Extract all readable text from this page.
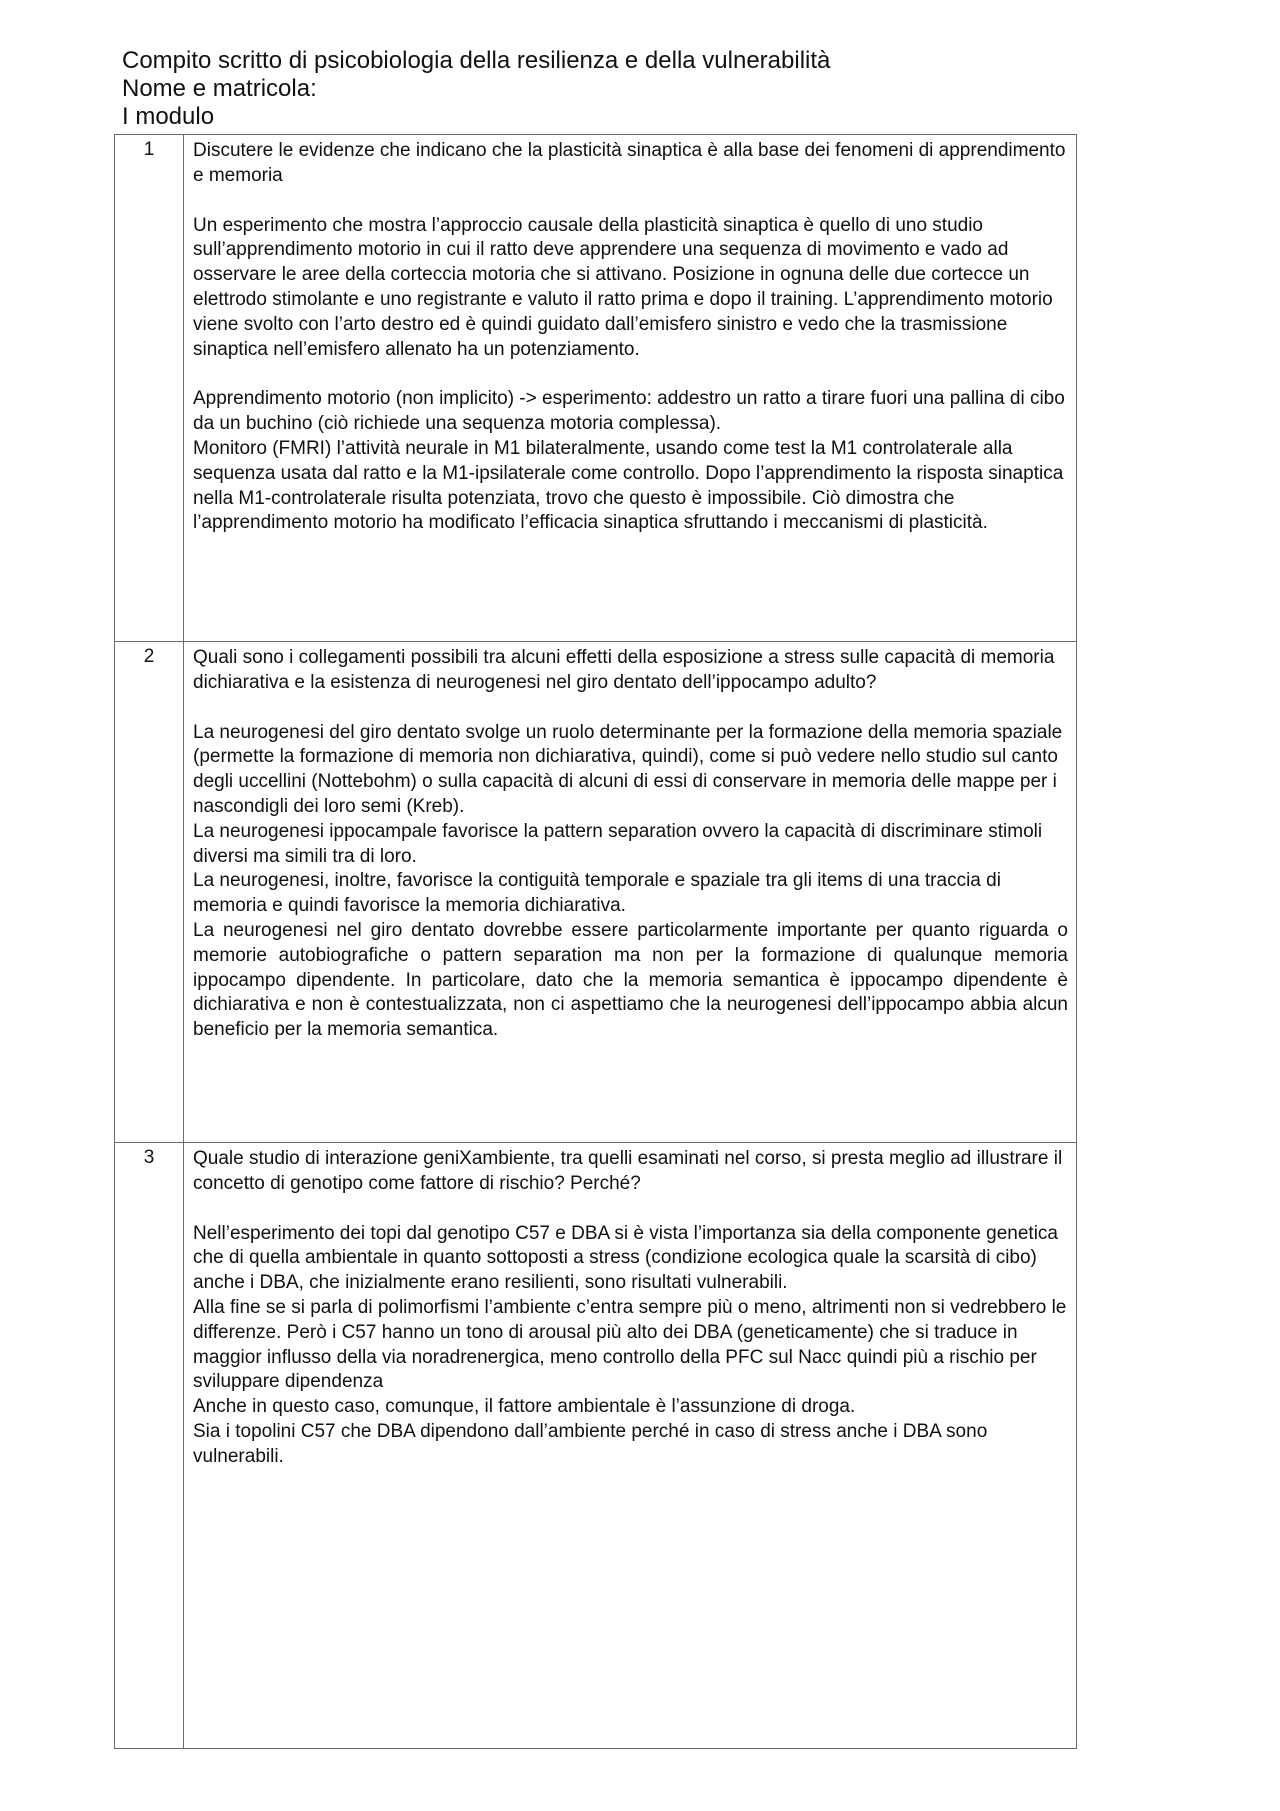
Compito scritto di psicobiologia della resilienza e della vulnerabilità
Nome e matricola:
I modulo
1	Discutere le evidenze che indicano che la plasticità sinaptica è alla base dei fenomeni di apprendimento e memoria
Un esperimento che mostra l’approccio causale della plasticità sinaptica è quello di uno studio sull’apprendimento motorio in cui il ratto deve apprendere una sequenza di movimento e vado ad osservare le aree della corteccia motoria che si attivano. Posizione in ognuna delle due cortecce un elettrodo stimolante e uno registrante e valuto il ratto prima e dopo il training. L’apprendimento motorio viene svolto con l’arto destro ed è quindi guidato dall’emisfero sinistro e vedo che la trasmissione sinaptica nell’emisfero allenato ha un potenziamento.
Apprendimento motorio (non implicito) -> esperimento: addestro un ratto a tirare fuori una pallina di cibo da un buchino (ciò richiede una sequenza motoria complessa).
Monitoro (FMRI) l’attività neurale in M1 bilateralmente, usando come test la M1 controlaterale alla sequenza usata dal ratto e la M1-ipsilaterale come controllo. Dopo l’apprendimento la risposta sinaptica nella M1-controlaterale risulta potenziata, trovo che questo è impossibile. Ciò dimostra che l’apprendimento motorio ha modificato l’efficacia sinaptica sfruttando i meccanismi di plasticità.

2	Quali sono i collegamenti possibili tra alcuni effetti della esposizione a stress sulle capacità di memoria dichiarativa e la esistenza di neurogenesi nel giro dentato dell’ippocampo adulto?
La neurogenesi del giro dentato svolge un ruolo determinante per la formazione della memoria spaziale (permette la formazione di memoria non dichiarativa, quindi), come si può vedere nello studio sul canto degli uccellini (Nottebohm) o sulla capacità di alcuni di essi di conservare in memoria delle mappe per i nascondigli dei loro semi (Kreb).
La neurogenesi ippocampale favorisce la pattern separation ovvero la capacità di discriminare stimoli diversi ma simili tra di loro.
La neurogenesi, inoltre, favorisce la contiguità temporale e spaziale tra gli items di una traccia di memoria e quindi favorisce la memoria dichiarativa.
La neurogenesi nel giro dentato dovrebbe essere particolarmente importante per quanto riguarda o memorie autobiografiche o pattern separation ma non per la formazione di qualunque memoria ippocampo dipendente. In particolare, dato che la memoria semantica è ippocampo dipendente è dichiarativa e non è contestualizzata, non ci aspettiamo che la neurogenesi dell’ippocampo abbia alcun beneficio per la memoria semantica.

3	Quale studio di interazione geniXambiente, tra quelli esaminati nel corso, si presta meglio ad illustrare il concetto di genotipo come fattore di rischio? Perché?
Nell’esperimento dei topi dal genotipo C57 e DBA si è vista l’importanza sia della componente genetica che di quella ambientale in quanto sottoposti a stress (condizione ecologica quale la scarsità di cibo) anche i DBA, che inizialmente erano resilienti, sono risultati vulnerabili.
Alla fine se si parla di polimorfismi l’ambiente c’entra sempre più o meno, altrimenti non si vedrebbero le differenze. Però i C57 hanno un tono di arousal più alto dei DBA (geneticamente) che si traduce in maggior influsso della via noradrenergica, meno controllo della PFC sul Nacc quindi più a rischio per sviluppare dipendenza
Anche in questo caso, comunque, il fattore ambientale è l’assunzione di droga.
Sia i topolini C57 che DBA dipendono dall’ambiente perché in caso di stress anche i DBA sono vulnerabili.
